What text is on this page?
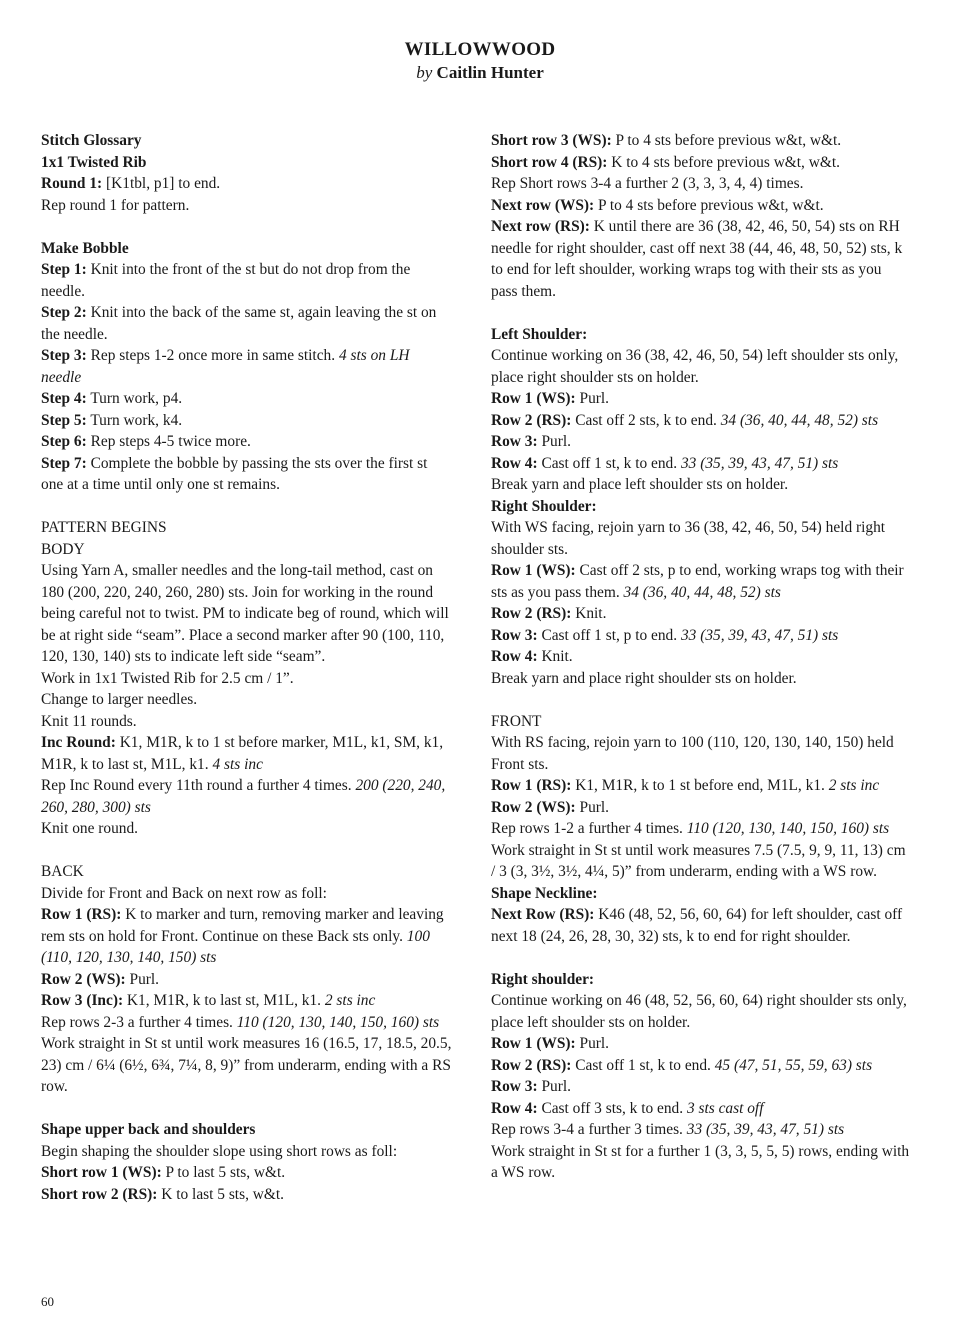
WILLOWWOOD
by Caitlin Hunter

Stitch Glossary

1x1 Twisted Rib

Round 1: [K1tbl, p1] to end.

Rep round 1 for pattern.

Make Bobble

Step 1: Knit into the front of the st but do not drop from the needle.

Step 2: Knit into the back of the same st, again leaving the st on the needle.

Step 3: Rep steps 1-2 once more in same stitch. 4 sts on LH needle

Step 4: Turn work, p4.

Step 5: Turn work, k4.

Step 6: Rep steps 4-5 twice more.

Step 7: Complete the bobble by passing the sts over the first st one at a time until only one st remains.

PATTERN BEGINS

BODY

Using Yarn A, smaller needles and the long-tail method, cast on 180 (200, 220, 240, 260, 280) sts. Join for working in the round being careful not to twist. PM to indicate beg of round, which will be at right side “seam”. Place a second marker after 90 (100, 110, 120, 130, 140) sts to indicate left side “seam”.

Work in 1x1 Twisted Rib for 2.5 cm / 1”.

Change to larger needles.

Knit 11 rounds.

Inc Round: K1, M1R, k to 1 st before marker, M1L, k1, SM, k1, M1R, k to last st, M1L, k1. 4 sts inc

Rep Inc Round every 11th round a further 4 times. 200 (220, 240, 260, 280, 300) sts

Knit one round.

BACK

Divide for Front and Back on next row as foll:

Row 1 (RS): K to marker and turn, removing marker and leaving rem sts on hold for Front. Continue on these Back sts only. 100 (110, 120, 130, 140, 150) sts

Row 2 (WS): Purl.

Row 3 (Inc): K1, M1R, k to last st, M1L, k1. 2 sts inc

Rep rows 2-3 a further 4 times. 110 (120, 130, 140, 150, 160) sts

Work straight in St st until work measures 16 (16.5, 17, 18.5, 20.5, 23) cm / 6¼ (6½, 6¾, 7¼, 8, 9)” from underarm, ending with a RS row.

Shape upper back and shoulders

Begin shaping the shoulder slope using short rows as foll:

Short row 1 (WS): P to last 5 sts, w&t.

Short row 2 (RS): K to last 5 sts, w&t.

Short row 3 (WS): P to 4 sts before previous w&t, w&t.

Short row 4 (RS): K to 4 sts before previous w&t, w&t.

Rep Short rows 3-4 a further 2 (3, 3, 3, 4, 4) times.

Next row (WS): P to 4 sts before previous w&t, w&t.

Next row (RS): K until there are 36 (38, 42, 46, 50, 54) sts on RH needle for right shoulder, cast off next 38 (44, 46, 48, 50, 52) sts, k to end for left shoulder, working wraps tog with their sts as you pass them.

Left Shoulder:

Continue working on 36 (38, 42, 46, 50, 54) left shoulder sts only, place right shoulder sts on holder.

Row 1 (WS): Purl.

Row 2 (RS): Cast off 2 sts, k to end. 34 (36, 40, 44, 48, 52) sts

Row 3: Purl.

Row 4: Cast off 1 st, k to end. 33 (35, 39, 43, 47, 51) sts

Break yarn and place left shoulder sts on holder.

Right Shoulder:

With WS facing, rejoin yarn to 36 (38, 42, 46, 50, 54) held right shoulder sts.

Row 1 (WS): Cast off 2 sts, p to end, working wraps tog with their sts as you pass them. 34 (36, 40, 44, 48, 52) sts

Row 2 (RS): Knit.

Row 3: Cast off 1 st, p to end. 33 (35, 39, 43, 47, 51) sts

Row 4: Knit.

Break yarn and place right shoulder sts on holder.

FRONT

With RS facing, rejoin yarn to 100 (110, 120, 130, 140, 150) held Front sts.

Row 1 (RS): K1, M1R, k to 1 st before end, M1L, k1. 2 sts inc

Row 2 (WS): Purl.

Rep rows 1-2 a further 4 times. 110 (120, 130, 140, 150, 160) sts

Work straight in St st until work measures 7.5 (7.5, 9, 9, 11, 13) cm / 3 (3, 3½, 3½, 4¼, 5)” from underarm, ending with a WS row.

Shape Neckline:

Next Row (RS): K46 (48, 52, 56, 60, 64) for left shoulder, cast off next 18 (24, 26, 28, 30, 32) sts, k to end for right shoulder.

Right shoulder:

Continue working on 46 (48, 52, 56, 60, 64) right shoulder sts only, place left shoulder sts on holder.

Row 1 (WS): Purl.

Row 2 (RS): Cast off 1 st, k to end. 45 (47, 51, 55, 59, 63) sts

Row 3: Purl.

Row 4: Cast off 3 sts, k to end. 3 sts cast off

Rep rows 3-4 a further 3 times. 33 (35, 39, 43, 47, 51) sts

Work straight in St st for a further 1 (3, 3, 5, 5, 5) rows, ending with a WS row.

60
